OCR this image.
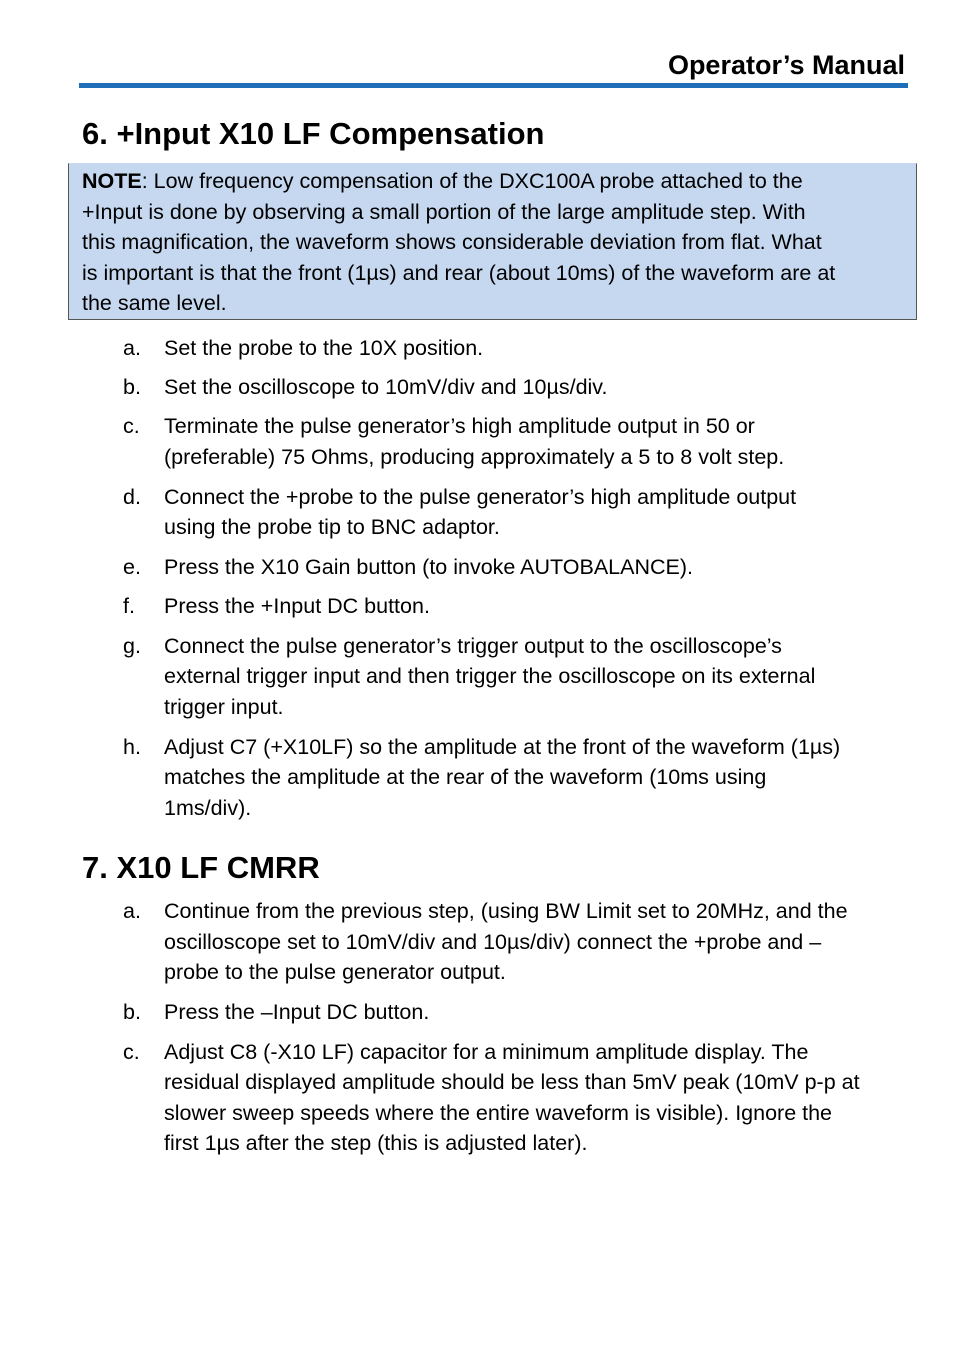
Operator’s Manual
6. +Input X10 LF Compensation
NOTE: Low frequency compensation of the DXC100A probe attached to the
+Input is done by observing a small portion of the large amplitude step. With
this magnification, the waveform shows considerable deviation from flat. What
is important is that the front (1µs) and rear (about 10ms) of the waveform are at
the same level.
a. Set the probe to the 10X position.
b. Set the oscilloscope to 10mV/div and 10µs/div.
c. Terminate the pulse generator’s high amplitude output in 50 or
(preferable) 75 Ohms, producing approximately a 5 to 8 volt step.
d. Connect the +probe to the pulse generator’s high amplitude output
using the probe tip to BNC adaptor.
e. Press the X10 Gain button (to invoke AUTOBALANCE).
f. Press the +Input DC button.
g. Connect the pulse generator’s trigger output to the oscilloscope’s
external trigger input and then trigger the oscilloscope on its external
trigger input.
h. Adjust C7 (+X10LF) so the amplitude at the front of the waveform (1µs)
matches the amplitude at the rear of the waveform (10ms using
1ms/div).
7. X10 LF CMRR
a. Continue from the previous step, (using BW Limit set to 20MHz, and the
oscilloscope set to 10mV/div and 10µs/div) connect the +probe and –
probe to the pulse generator output.
b. Press the –Input DC button.
c. Adjust C8 (-X10 LF) capacitor for a minimum amplitude display. The
residual displayed amplitude should be less than 5mV peak (10mV p-p at
slower sweep speeds where the entire waveform is visible). Ignore the
first 1µs after the step (this is adjusted later).
